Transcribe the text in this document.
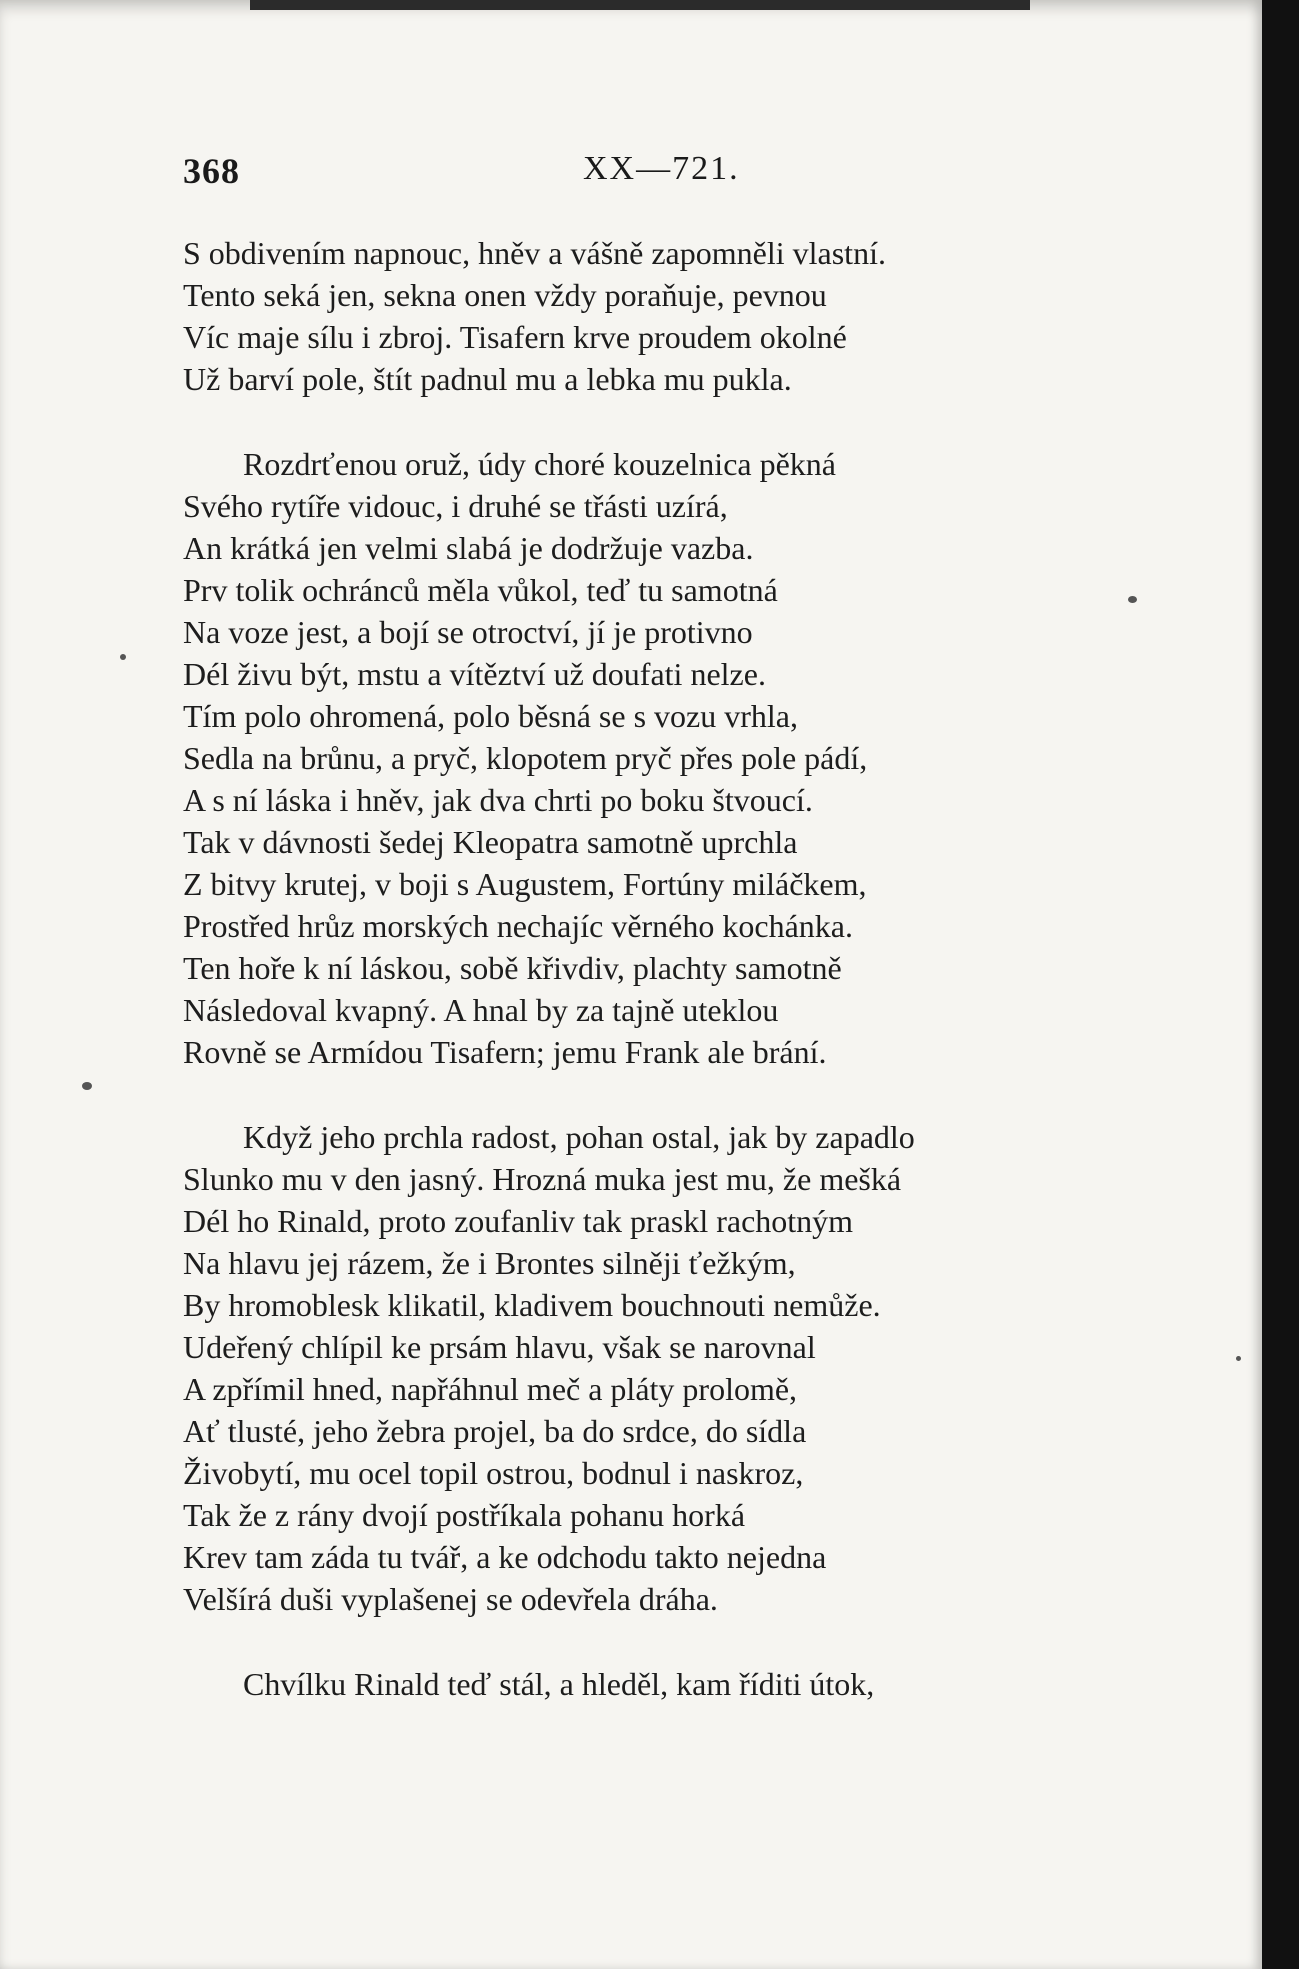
368	XX—721.
S obdivením napnouc, hněv a vášně zapomněli vlastní.
Tento seká jen, sekna onen vždy poraňuje, pevnou
Víc maje sílu i zbroj. Tisafern krve proudem okolné
Už barví pole, štít padnul mu a lebka mu pukla.
Rozdrťenou oruž, údy choré kouzelnica pěkná
Svého rytíře vidouc, i druhé se třásti uzírá,
An krátká jen velmi slabá je dodržuje vazba.
Prv tolik ochránců měla vůkol, teď tu samotná
Na voze jest, a bojí se otroctví, jí je protivno
Dél živu být, mstu a vítěztví už doufati nelze.
Tím polo ohromená, polo běsná se s vozu vrhla,
Sedla na brůnu, a pryč, klopotem pryč přes pole pádí,
A s ní láska i hněv, jak dva chrti po boku štvoucí.
Tak v dávnosti šedej Kleopatra samotně uprchla
Z bitvy krutej, v boji s Augustem, Fortúny miláčkem,
Prostřed hrůz morských nechajíc věrného kochánka.
Ten hoře k ní láskou, sobě křivdiv, plachty samotně
Následoval kvapný. A hnal by za tajně uteklou
Rovně se Armídou Tisafern; jemu Frank ale brání.
Když jeho prchla radost, pohan ostal, jak by zapadlo
Slunko mu v den jasný. Hrozná muka jest mu, že mešká
Dél ho Rinald, proto zoufanliv tak praskl rachotným
Na hlavu jej rázem, že i Brontes silněji ťežkým,
By hromoblesk klikatil, kladivem bouchnouti nemůže.
Udeřený chlípil ke prsám hlavu, však se narovnal
A zpřímil hned, napřáhnul meč a pláty prolomě,
Ať tlusté, jeho žebra projel, ba do srdce, do sídla
Živobytí, mu ocel topil ostrou, bodnul i naskroz,
Tak že z rány dvojí postříkala pohanu horká
Krev tam záda tu tvář, a ke odchodu takto nejedna
Velšírá duši vyplašenej se odevřela dráha.
Chvílku Rinald teď stál, a hleděl, kam říditi útok,
